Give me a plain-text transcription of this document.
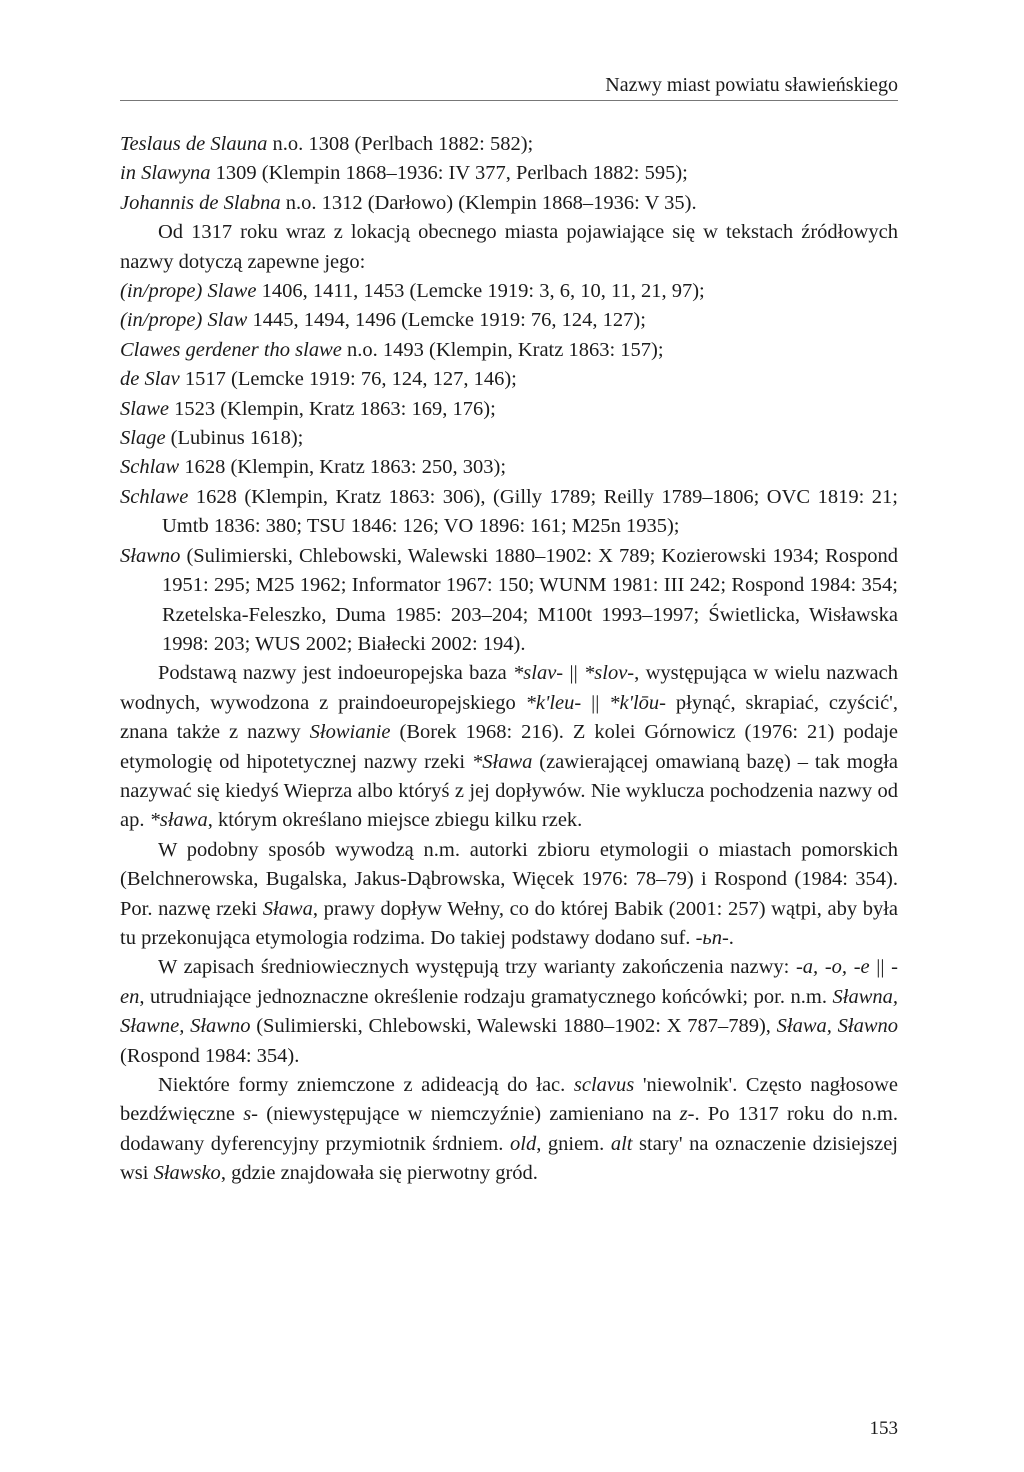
Nazwy miast powiatu sławieńskiego

Teslaus de Slauna n.o. 1308 (Perlbach 1882: 582);

in Slawyna 1309 (Klempin 1868–1936: IV 377, Perlbach 1882: 595);

Johannis de Slabna n.o. 1312 (Darłowo) (Klempin 1868–1936: V 35).

Od 1317 roku wraz z lokacją obecnego miasta pojawiające się w tekstach źródłowych nazwy dotyczą zapewne jego:

(in/prope) Slawe 1406, 1411, 1453 (Lemcke 1919: 3, 6, 10, 11, 21, 97);

(in/prope) Slaw 1445, 1494, 1496 (Lemcke 1919: 76, 124, 127);

Clawes gerdener tho slawe n.o. 1493 (Klempin, Kratz 1863: 157);

de Slav 1517 (Lemcke 1919: 76, 124, 127, 146);

Slawe 1523 (Klempin, Kratz 1863: 169, 176);

Slage (Lubinus 1618);

Schlaw 1628 (Klempin, Kratz 1863: 250, 303);

Schlawe 1628 (Klempin, Kratz 1863: 306), (Gilly 1789; Reilly 1789–1806; OVC 1819: 21; Umtb 1836: 380; TSU 1846: 126; VO 1896: 161; M25n 1935);

Sławno (Sulimierski, Chlebowski, Walewski 1880–1902: X 789; Kozierowski 1934; Rospond 1951: 295; M25 1962; Informator 1967: 150; WUNM 1981: III 242; Rospond 1984: 354; Rzetelska-Feleszko, Duma 1985: 203–204; M100t 1993–1997; Świetlicka, Wisławska 1998: 203; WUS 2002; Białecki 2002: 194).

Podstawą nazwy jest indoeuropejska baza *slav- || *slov-, występująca w wielu nazwach wodnych, wywodzona z praindoeuropejskiego *k'leu- || *k'lōu- płynąć, skrapiać, czyścić', znana także z nazwy Słowianie (Borek 1968: 216). Z kolei Górnowicz (1976: 21) podaje etymologię od hipotetycznej nazwy rzeki *Sława (zawierającej omawianą bazę) – tak mogła nazywać się kiedyś Wieprza albo któryś z jej dopływów. Nie wyklucza pochodzenia nazwy od ap. *sława, którym określano miejsce zbiegu kilku rzek.

W podobny sposób wywodzą n.m. autorki zbioru etymologii o miastach pomorskich (Belchnerowska, Bugalska, Jakus-Dąbrowska, Więcek 1976: 78–79) i Rospond (1984: 354). Por. nazwę rzeki Sława, prawy dopływ Wełny, co do której Babik (2001: 257) wątpi, aby była tu przekonująca etymologia rodzima. Do takiej podstawy dodano suf. -ьn-.

W zapisach średniowiecznych występują trzy warianty zakończenia nazwy: -a, -o, -e || -en, utrudniające jednoznaczne określenie rodzaju gramatycznego końcówki; por. n.m. Sławna, Sławne, Sławno (Sulimierski, Chlebowski, Walewski 1880–1902: X 787–789), Sława, Sławno (Rospond 1984: 354).

Niektóre formy zniemczone z adideacją do łac. sclavus 'niewolnik'. Często nagłosowe bezdźwięczne s- (niewystępujące w niemczyźnie) zamieniano na z-. Po 1317 roku do n.m. dodawany dyferencyjny przymiotnik śrdniem. old, gniem. alt stary' na oznaczenie dzisiejszej wsi Sławsko, gdzie znajdowała się pierwotny gród.

153
